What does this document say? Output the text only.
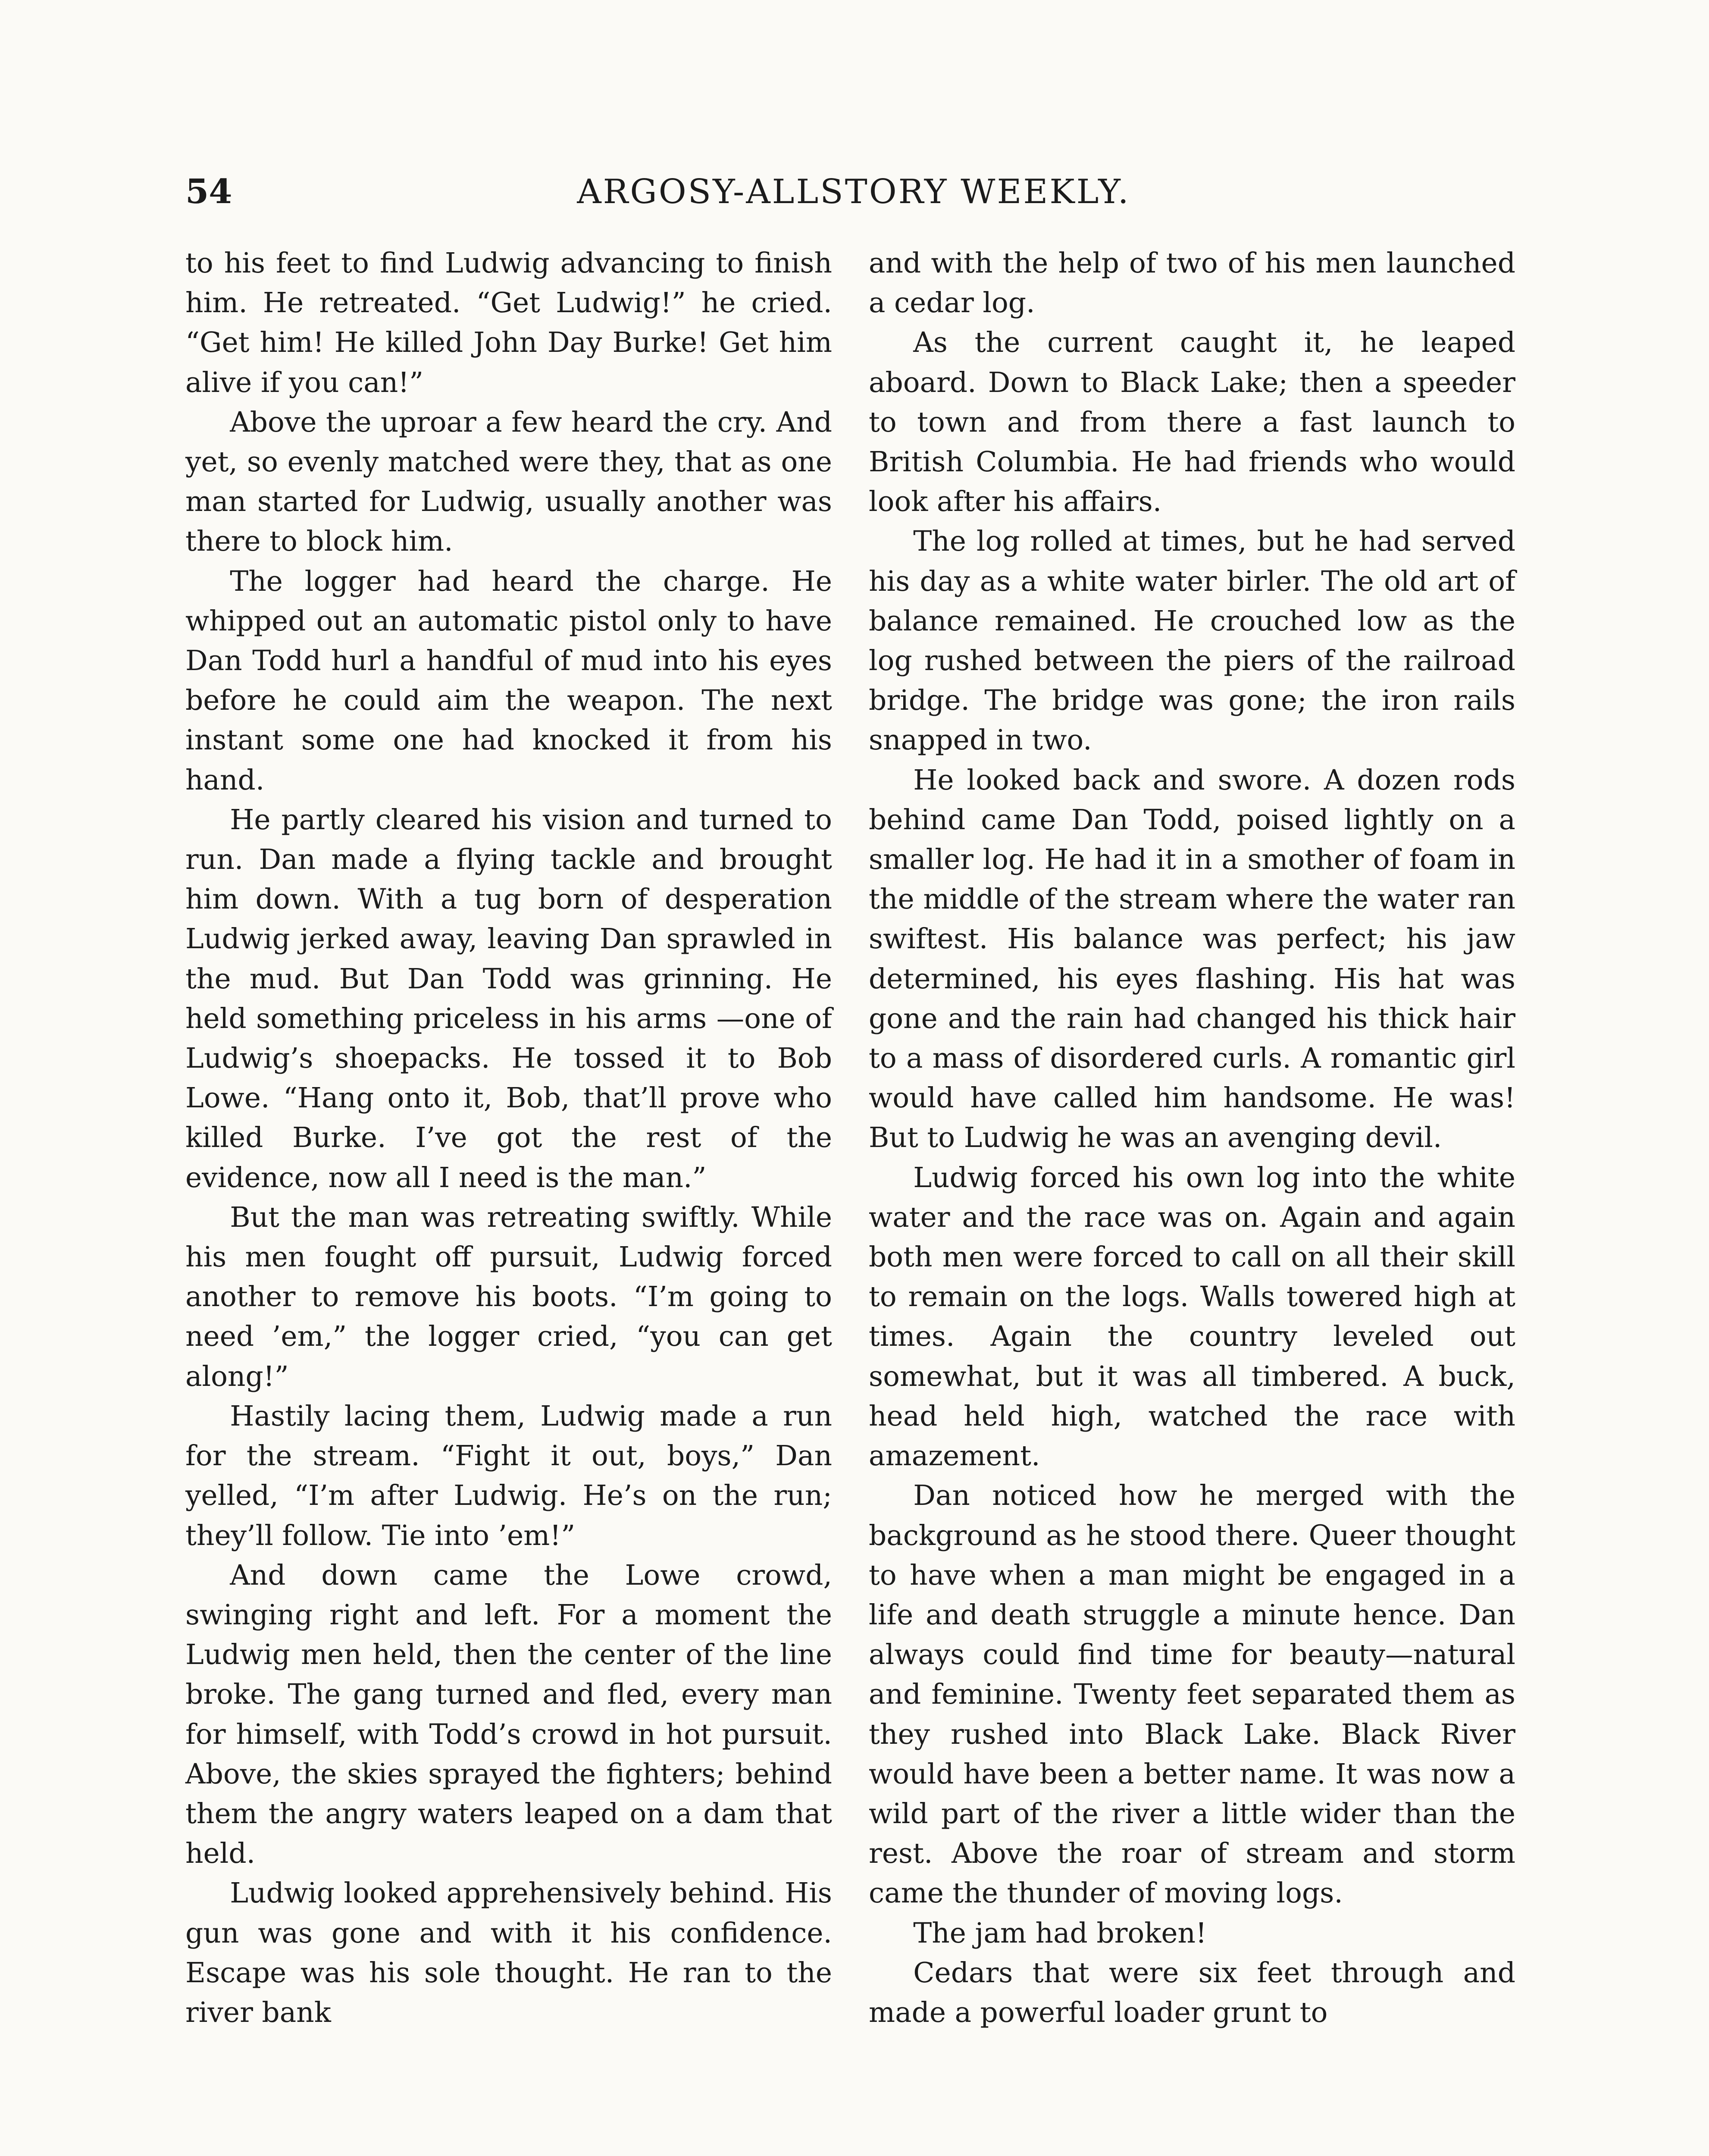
54	ARGOSY-ALLSTORY WEEKLY.

to his feet to find Ludwig advancing to finish him. He retreated. “Get Ludwig!” he cried. “Get him! He killed John Day Burke! Get him alive if you can!”

Above the uproar a few heard the cry. And yet, so evenly matched were they, that as one man started for Ludwig, usually another was there to block him.

The logger had heard the charge. He whipped out an automatic pistol only to have Dan Todd hurl a handful of mud into his eyes before he could aim the weapon. The next instant some one had knocked it from his hand.

He partly cleared his vision and turned to run. Dan made a flying tackle and brought him down. With a tug born of desperation Ludwig jerked away, leaving Dan sprawled in the mud. But Dan Todd was grinning. He held something priceless in his arms —one of Ludwig’s shoepacks. He tossed it to Bob Lowe. “Hang onto it, Bob, that’ll prove who killed Burke. I’ve got the rest of the evidence, now all I need is the man.”

But the man was retreating swiftly. While his men fought off pursuit, Ludwig forced another to remove his boots. “I’m going to need ’em,” the logger cried, “you can get along!”

Hastily lacing them, Ludwig made a run for the stream. “Fight it out, boys,” Dan yelled, “I’m after Ludwig. He’s on the run; they’ll follow. Tie into ’em!”

And down came the Lowe crowd, swinging right and left. For a moment the Ludwig men held, then the center of the line broke. The gang turned and fled, every man for himself, with Todd’s crowd in hot pursuit. Above, the skies sprayed the fighters; behind them the angry waters leaped on a dam that held.

Ludwig looked apprehensively behind. His gun was gone and with it his confidence. Escape was his sole thought. He ran to the river bank

and with the help of two of his men launched a cedar log.

As the current caught it, he leaped aboard. Down to Black Lake; then a speeder to town and from there a fast launch to British Columbia. He had friends who would look after his affairs.

The log rolled at times, but he had served his day as a white water birler. The old art of balance remained. He crouched low as the log rushed between the piers of the railroad bridge. The bridge was gone; the iron rails snapped in two.

He looked back and swore. A dozen rods behind came Dan Todd, poised lightly on a smaller log. He had it in a smother of foam in the middle of the stream where the water ran swiftest. His balance was perfect; his jaw determined, his eyes flashing. His hat was gone and the rain had changed his thick hair to a mass of disordered curls. A romantic girl would have called him handsome. He was! But to Ludwig he was an avenging devil.

Ludwig forced his own log into the white water and the race was on. Again and again both men were forced to call on all their skill to remain on the logs. Walls towered high at times. Again the country leveled out somewhat, but it was all timbered. A buck, head held high, watched the race with amazement.

Dan noticed how he merged with the background as he stood there. Queer thought to have when a man might be engaged in a life and death struggle a minute hence. Dan always could find time for beauty—natural and feminine. Twenty feet separated them as they rushed into Black Lake. Black River would have been a better name. It was now a wild part of the river a little wider than the rest. Above the roar of stream and storm came the thunder of moving logs.

The jam had broken!

Cedars that were six feet through and made a powerful loader grunt to
